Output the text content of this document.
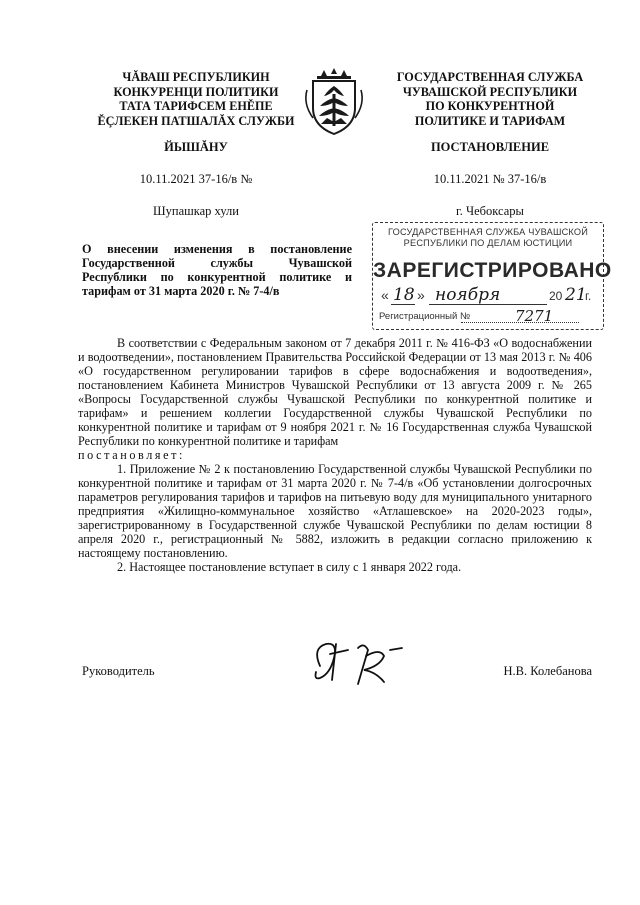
ЧĂВАШ РЕСПУБЛИКИН
КОНКУРЕНЦИ ПОЛИТИКИ
ТАТА ТАРИФСЕМ ЕНĚПЕ
ĔÇЛЕКЕН ПАТШАЛĂХ СЛУЖБИ
ГОСУДАРСТВЕННАЯ СЛУЖБА
ЧУВАШСКОЙ РЕСПУБЛИКИ
ПО КОНКУРЕНТНОЙ
ПОЛИТИКЕ И ТАРИФАМ
ЙЫШĂНУ	ПОСТАНОВЛЕНИЕ
10.11.2021 37-16/в №	10.11.2021 № 37-16/в
Шупашкар хули	г. Чебоксары
О внесении изменения в постановление Государственной службы Чувашской Республики по конкурентной политике и тарифам от 31 марта 2020 г. № 7-4/в
ГОСУДАРСТВЕННАЯ СЛУЖБА ЧУВАШСКОЙ РЕСПУБЛИКИ ПО ДЕЛАМ ЮСТИЦИИ
ЗАРЕГИСТРИРОВАНО
« 18 » ноября	20 21
г.
Регистрационный №	7271

В соответствии с Федеральным законом от 7 декабря 2011 г. № 416-ФЗ «О водоснабжении и водоотведении», постановлением Правительства Российской Федерации от 13 мая 2013 г. № 406 «О государственном регулировании тарифов в сфере водоснабжения и водоотведения», постановлением Кабинета Министров Чувашской Республики от 13 августа 2009 г. № 265 «Вопросы Государственной службы Чувашской Республики по конкурентной политике и тарифам» и решением коллегии Государственной службы Чувашской Республики по конкурентной политике и тарифам от 9 ноября 2021 г. № 16 Государственная служба Чувашской Республики по конкурентной политике и тарифам

постановляет:

1. Приложение № 2 к постановлению Государственной службы Чувашской Республики по конкурентной политике и тарифам от 31 марта 2020 г. № 7-4/в «Об установлении долгосрочных параметров регулирования тарифов и тарифов на питьевую воду для муниципального унитарного предприятия «Жилищно-коммунальное хозяйство «Атлашевское» на 2020-2023 годы», зарегистрированному в Государственной службе Чувашской Республики по делам юстиции 8 апреля 2020 г., регистрационный № 5882, изложить в редакции согласно приложению к настоящему постановлению.

2. Настоящее постановление вступает в силу с 1 января 2022 года.

Руководитель	Н.В. Колебанова
